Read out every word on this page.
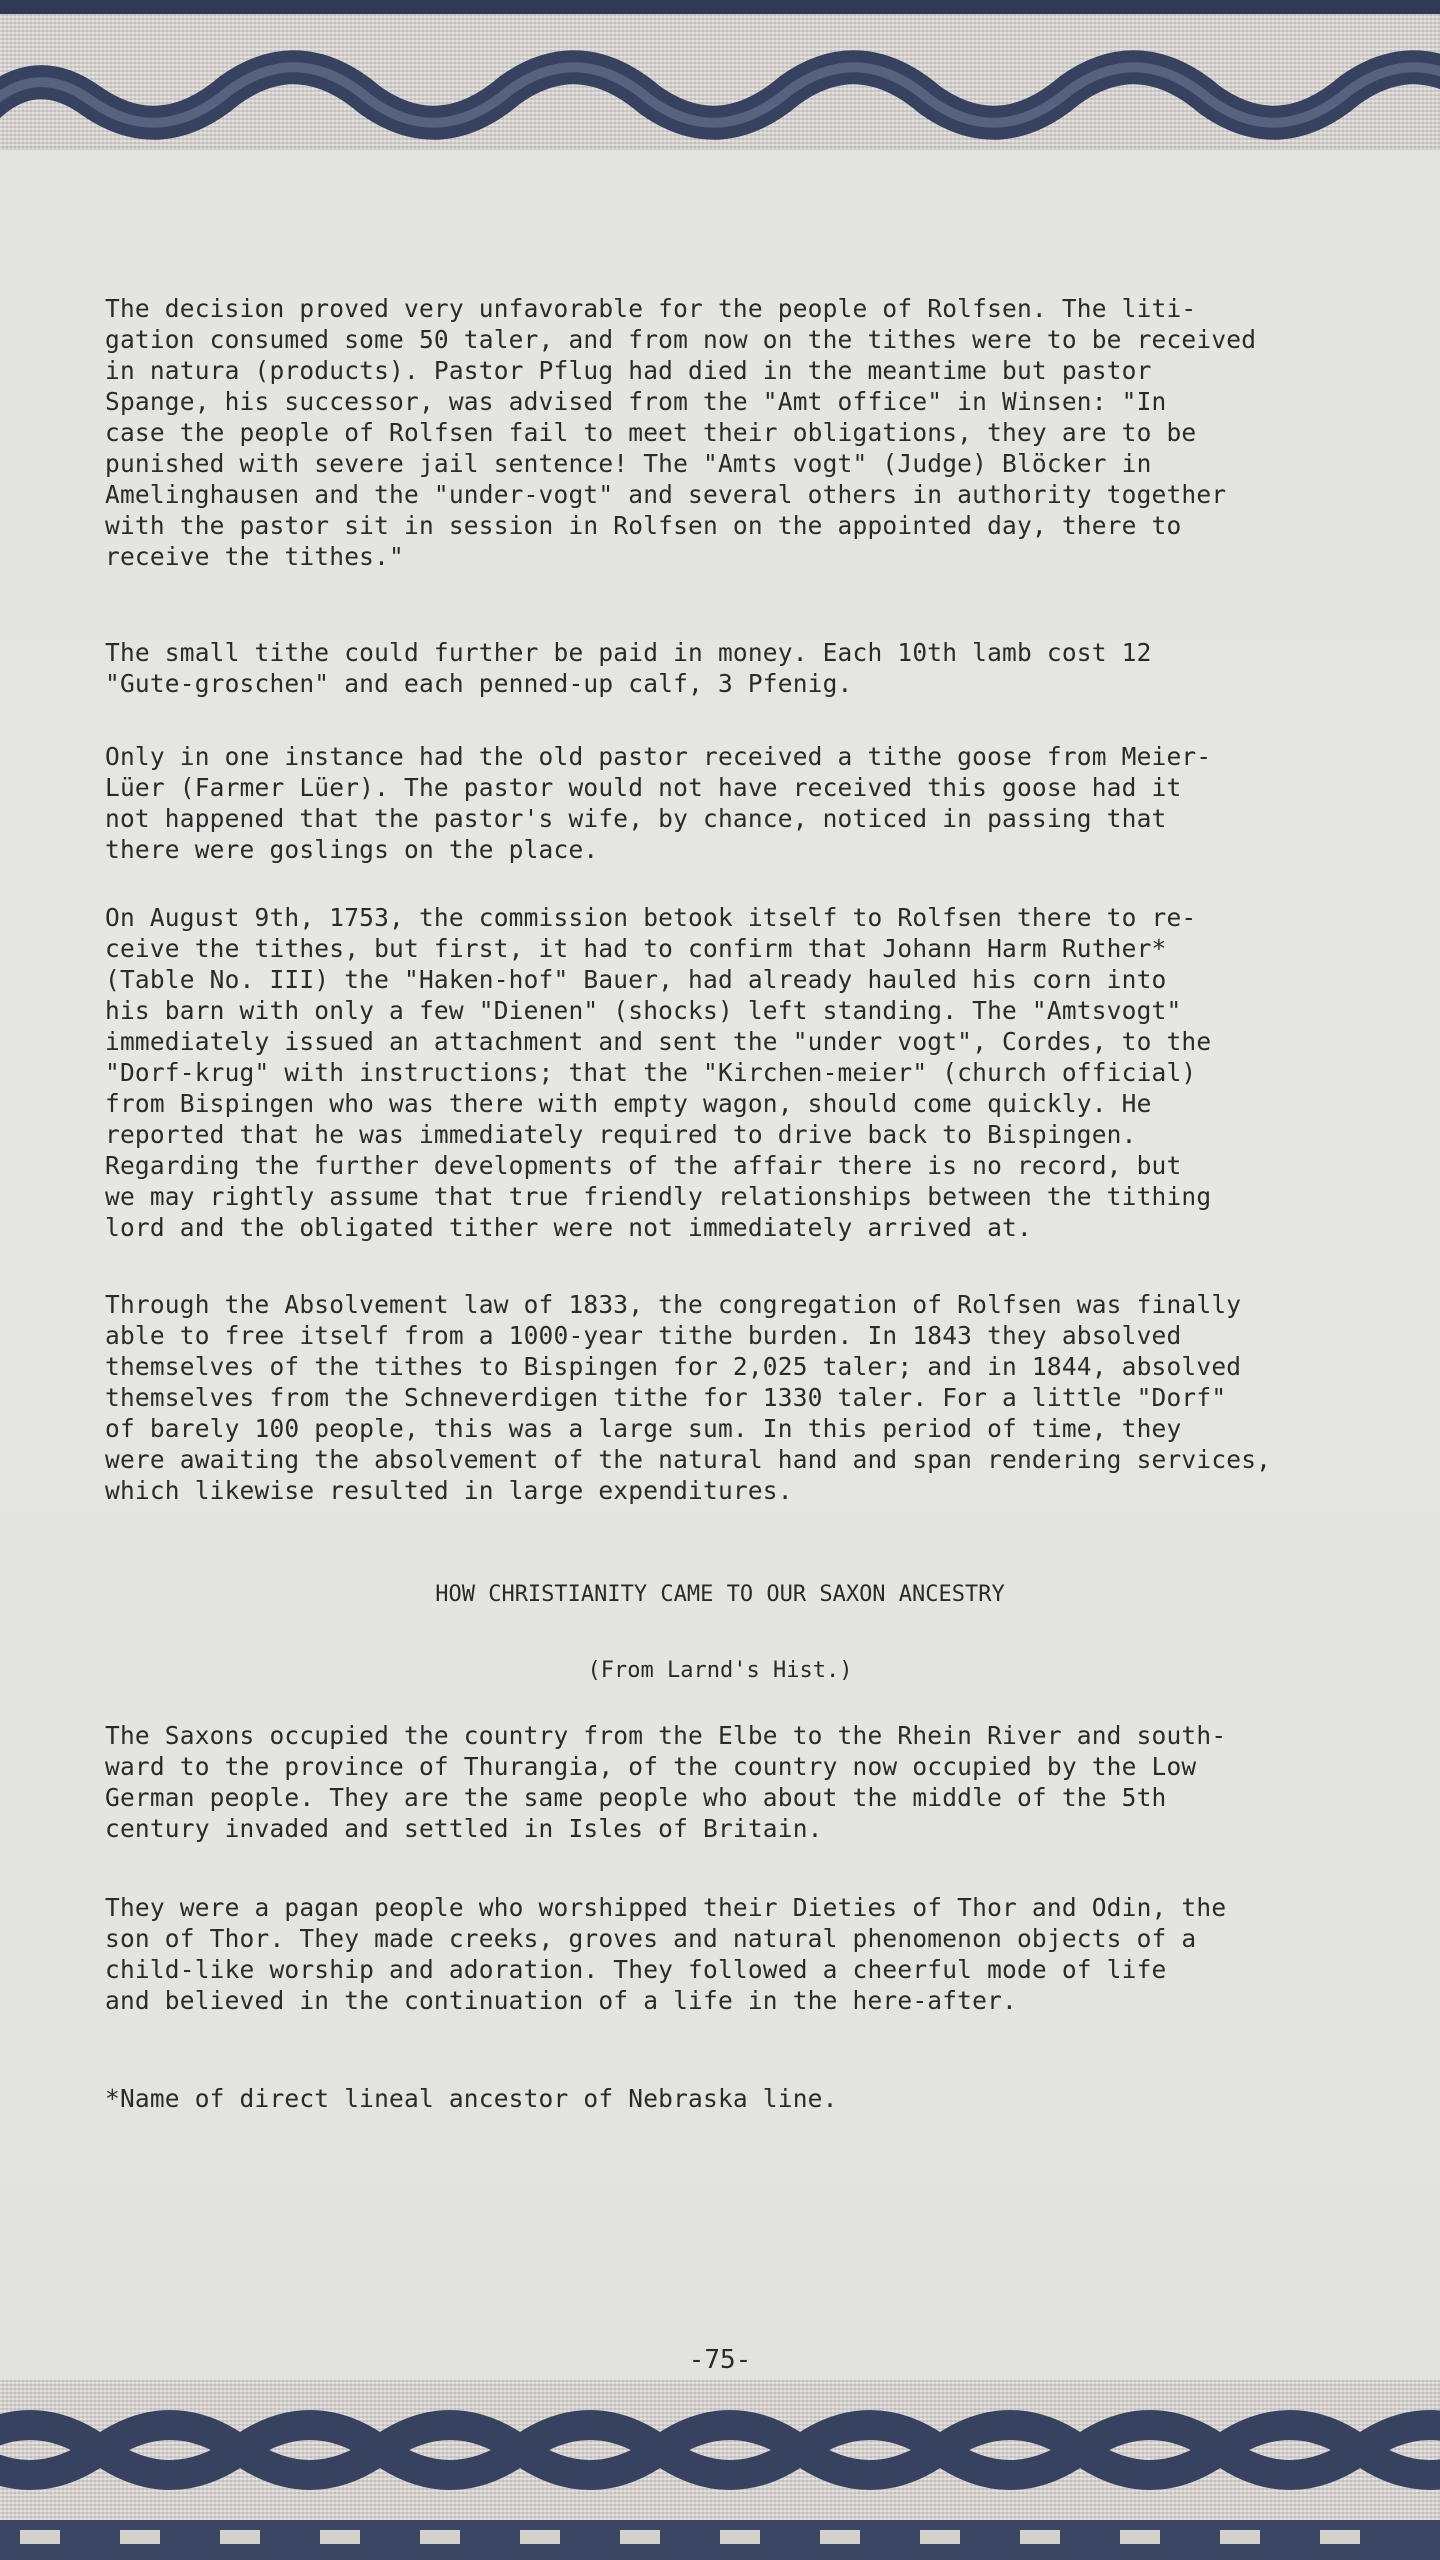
The decision proved very unfavorable for the people of Rolfsen. The liti-
gation consumed some 50 taler, and from now on the tithes were to be received
in natura (products). Pastor Pflug had died in the meantime but pastor
Spange, his successor, was advised from the "Amt office" in Winsen: "In
case the people of Rolfsen fail to meet their obligations, they are to be
punished with severe jail sentence! The "Amts vogt" (Judge) Blöcker in
Amelinghausen and the "under-vogt" and several others in authority together
with the pastor sit in session in Rolfsen on the appointed day, there to
receive the tithes."

The small tithe could further be paid in money. Each 10th lamb cost 12
"Gute-groschen" and each penned-up calf, 3 Pfenig.

Only in one instance had the old pastor received a tithe goose from Meier-
Lüer (Farmer Lüer). The pastor would not have received this goose had it
not happened that the pastor's wife, by chance, noticed in passing that
there were goslings on the place.

On August 9th, 1753, the commission betook itself to Rolfsen there to re-
ceive the tithes, but first, it had to confirm that Johann Harm Ruther*
(Table No. III) the "Haken-hof" Bauer, had already hauled his corn into
his barn with only a few "Dienen" (shocks) left standing. The "Amtsvogt"
immediately issued an attachment and sent the "under vogt", Cordes, to the
"Dorf-krug" with instructions; that the "Kirchen-meier" (church official)
from Bispingen who was there with empty wagon, should come quickly. He
reported that he was immediately required to drive back to Bispingen.
Regarding the further developments of the affair there is no record, but
we may rightly assume that true friendly relationships between the tithing
lord and the obligated tither were not immediately arrived at.

Through the Absolvement law of 1833, the congregation of Rolfsen was finally
able to free itself from a 1000-year tithe burden. In 1843 they absolved
themselves of the tithes to Bispingen for 2,025 taler; and in 1844, absolved
themselves from the Schneverdigen tithe for 1330 taler. For a little "Dorf"
of barely 100 people, this was a large sum. In this period of time, they
were awaiting the absolvement of the natural hand and span rendering services,
which likewise resulted in large expenditures.

HOW CHRISTIANITY CAME TO OUR SAXON ANCESTRY

(From Larnd's Hist.)

The Saxons occupied the country from the Elbe to the Rhein River and south-
ward to the province of Thurangia, of the country now occupied by the Low
German people. They are the same people who about the middle of the 5th
century invaded and settled in Isles of Britain.

They were a pagan people who worshipped their Dieties of Thor and Odin, the
son of Thor. They made creeks, groves and natural phenomenon objects of a
child-like worship and adoration. They followed a cheerful mode of life
and believed in the continuation of a life in the here-after.

*Name of direct lineal ancestor of Nebraska line.

-75-
